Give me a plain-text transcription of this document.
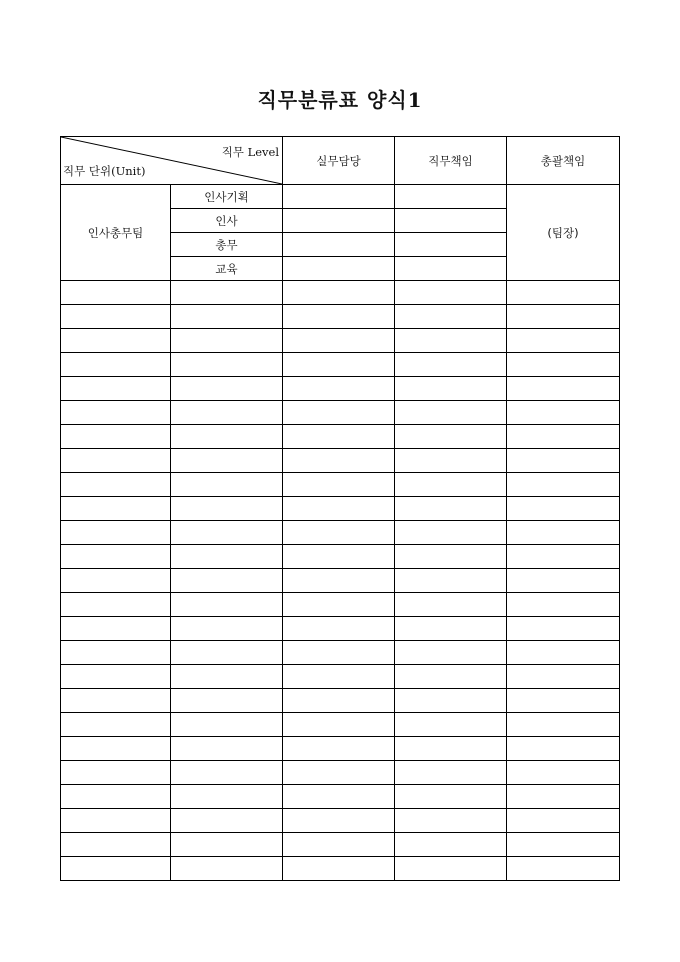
직무분류표 양식1
직무 Level
직무 단위(Unit)		실무담당	직무책임	총괄책임
인사총무팀	인사기획			(팀장)
	인사			
	총무			
	교육			
